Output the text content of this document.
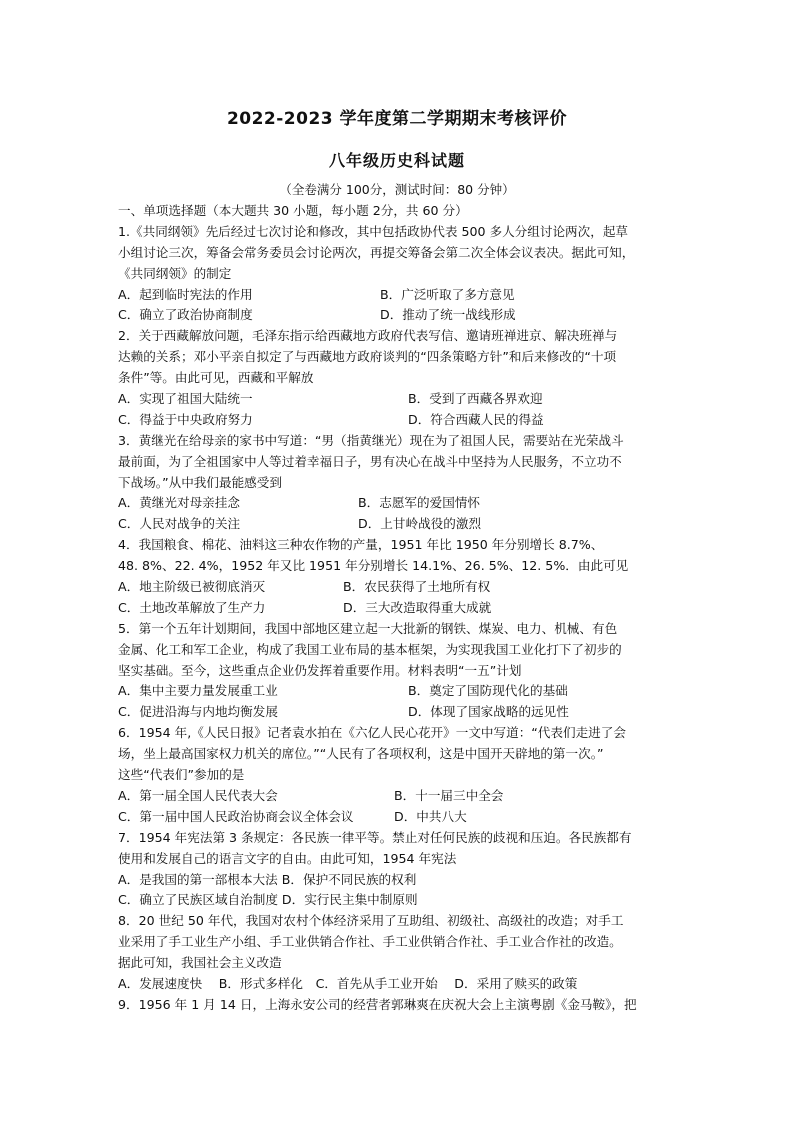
2022-2023 学年度第二学期期末考核评价
八年级历史科试题
（全卷满分 100分，测试时间：80 分钟）
一、单项选择题（本大题共 30 小题，每小题 2分，共 60 分）
1.《共同纲领》先后经过七次讨论和修改，其中包括政协代表 500 多人分组讨论两次，起草
小组讨论三次，筹备会常务委员会讨论两次，再提交筹备会第二次全体会议表决。据此可知，
《共同纲领》的制定
A．起到临时宪法的作用	B．广泛听取了多方意见
C．确立了政治协商制度	D．推动了统一战线形成
2．关于西藏解放问题，毛泽东指示给西藏地方政府代表写信、邀请班禅进京、解决班禅与
达赖的关系；邓小平亲自拟定了与西藏地方政府谈判的“四条策略方针”和后来修改的“十项
条件”等。由此可见，西藏和平解放
A．实现了祖国大陆统一	B．受到了西藏各界欢迎
C．得益于中央政府努力	D．符合西藏人民的得益
3．黄继光在给母亲的家书中写道：“男（指黄继光）现在为了祖国人民，需要站在光荣战斗
最前面，为了全祖国家中人等过着幸福日子，男有决心在战斗中坚持为人民服务，不立功不
下战场。”从中我们最能感受到
A．黄继光对母亲挂念	B．志愿军的爱国情怀
C．人民对战争的关注	D．上甘岭战役的激烈
4．我国粮食、棉花、油料这三种农作物的产量，1951 年比 1950 年分别增长 8.7%、
48. 8%、22. 4%，1952 年又比 1951 年分别增长 14.1%、26. 5%、12. 5%．由此可见
A．地主阶级已被彻底消灭	B．农民获得了土地所有权
C．土地改革解放了生产力	D．三大改造取得重大成就
5．第一个五年计划期间，我国中部地区建立起一大批新的钢铁、煤炭、电力、机械、有色
金属、化工和军工企业，构成了我国工业布局的基本框架，为实现我国工业化打下了初步的
坚实基础。至今，这些重点企业仍发挥着重要作用。材料表明“一五”计划
A．集中主要力量发展重工业	B．奠定了国防现代化的基础
C．促进沿海与内地均衡发展	D．体现了国家战略的远见性
6．1954 年,《人民日报》记者袁水拍在《六亿人民心花开》一文中写道：“代表们走进了会
场，坐上最高国家权力机关的席位。”“人民有了各项权利，这是中国开天辟地的第一次。”
这些“代表们”参加的是
A．第一届全国人民代表大会	B．十一届三中全会
C．第一届中国人民政治协商会议全体会议	D．中共八大
7．1954 年宪法第 3 条规定：各民族一律平等。禁止对任何民族的歧视和压迫。各民族都有
使用和发展自己的语言文字的自由。由此可知，1954 年宪法
A．是我国的第一部根本大法 B．保护不同民族的权利
C．确立了民族区域自治制度 D．实行民主集中制原则
8．20 世纪 50 年代，我国对农村个体经济采用了互助组、初级社、高级社的改造；对手工
业采用了手工业生产小组、手工业供销合作社、手工业供销合作社、手工业合作社的改造。
据此可知，我国社会主义改造
A．发展速度快　 B．形式多样化　C．首先从手工业开始　 D．采用了赎买的政策
9．1956 年 1 月 14 日，上海永安公司的经营者郭琳爽在庆祝大会上主演粤剧《金马鞍》，把
